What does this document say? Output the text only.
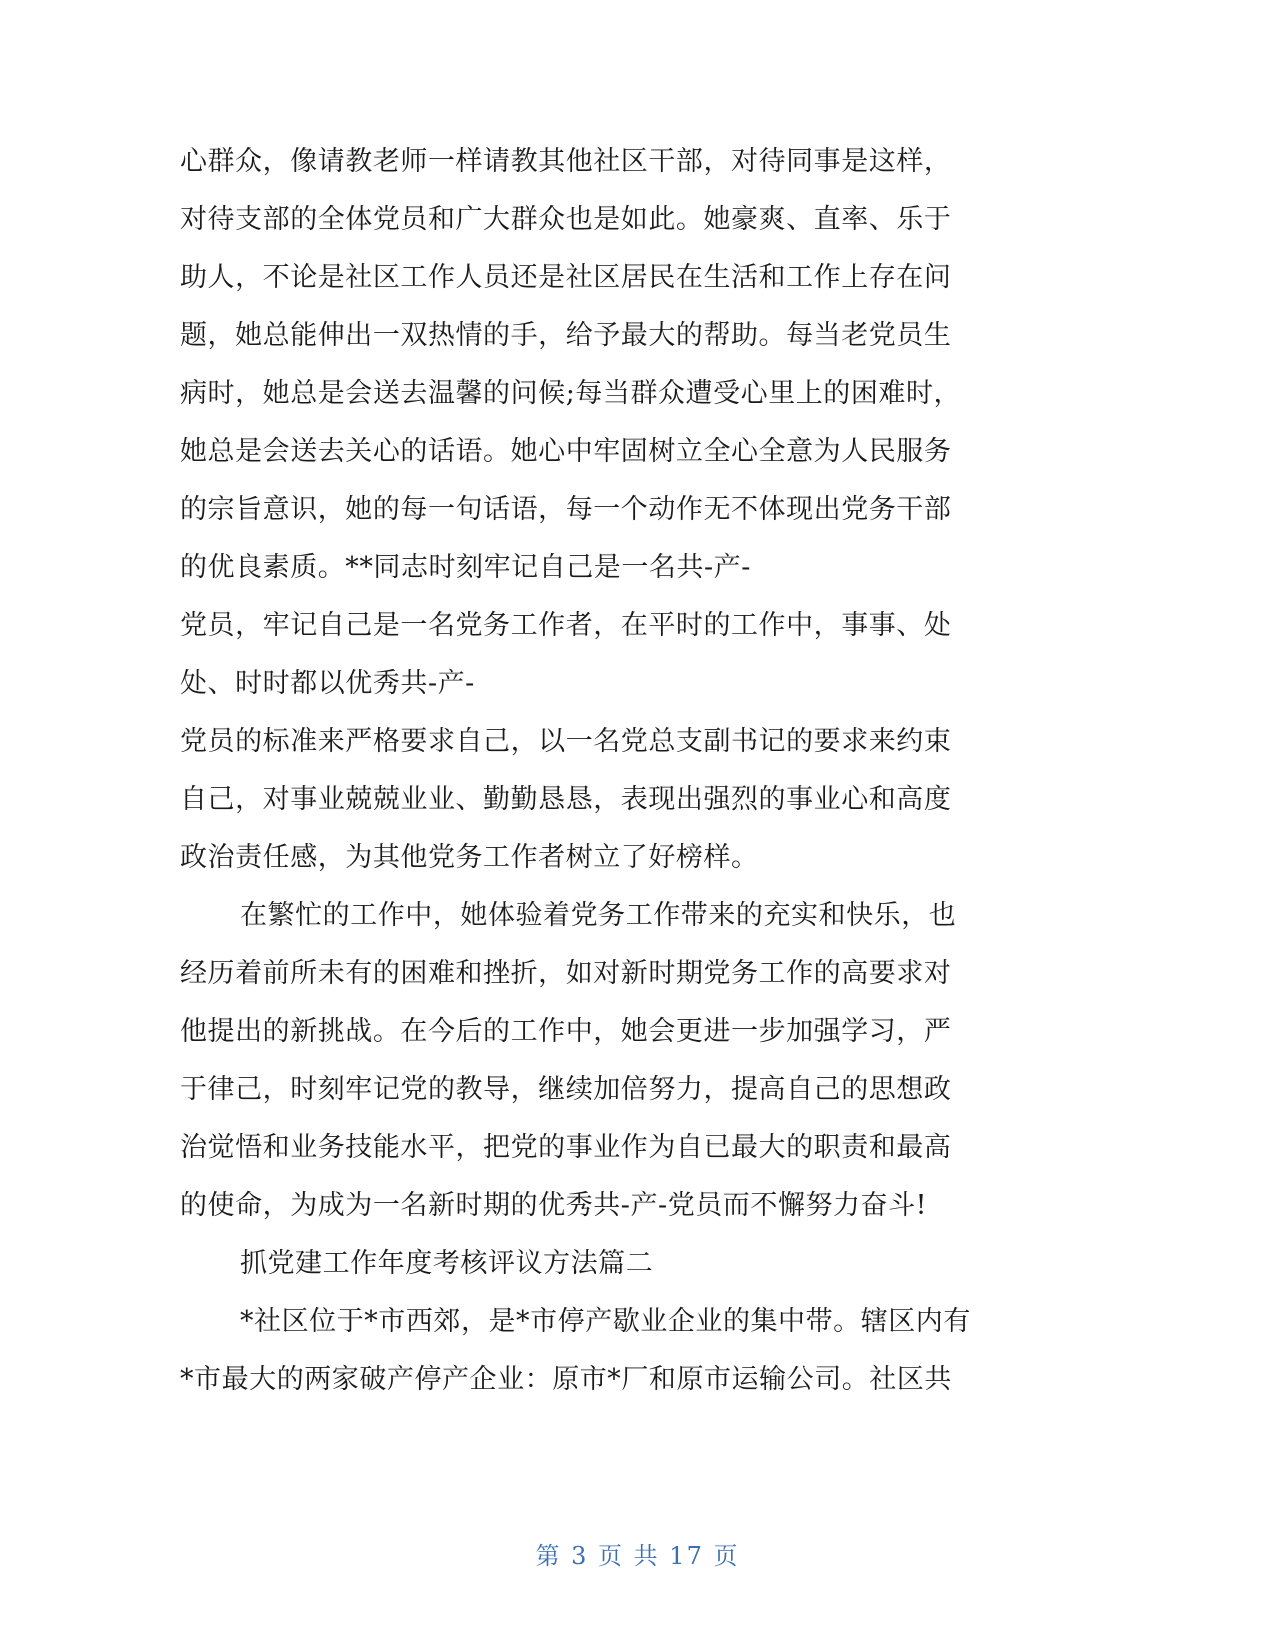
心群众，像请教老师一样请教其他社区干部，对待同事是这样，
对待支部的全体党员和广大群众也是如此。她豪爽、直率、乐于
助人，不论是社区工作人员还是社区居民在生活和工作上存在问
题，她总能伸出一双热情的手，给予最大的帮助。每当老党员生
病时，她总是会送去温馨的问候;每当群众遭受心里上的困难时，
她总是会送去关心的话语。她心中牢固树立全心全意为人民服务
的宗旨意识，她的每一句话语，每一个动作无不体现出党务干部
的优良素质。**同志时刻牢记自己是一名共-产-
党员，牢记自己是一名党务工作者，在平时的工作中，事事、处
处、时时都以优秀共-产-
党员的标准来严格要求自己，以一名党总支副书记的要求来约束
自己，对事业兢兢业业、勤勤恳恳，表现出强烈的事业心和高度
政治责任感，为其他党务工作者树立了好榜样。
在繁忙的工作中，她体验着党务工作带来的充实和快乐，也
经历着前所未有的困难和挫折，如对新时期党务工作的高要求对
他提出的新挑战。在今后的工作中，她会更进一步加强学习，严
于律己，时刻牢记党的教导，继续加倍努力，提高自己的思想政
治觉悟和业务技能水平，把党的事业作为自已最大的职责和最高
的使命，为成为一名新时期的优秀共-产-党员而不懈努力奋斗!
抓党建工作年度考核评议方法篇二
*社区位于*市西郊，是*市停产歇业企业的集中带。辖区内有
*市最大的两家破产停产企业：原市*厂和原市运输公司。社区共
第 3 页 共 17 页
